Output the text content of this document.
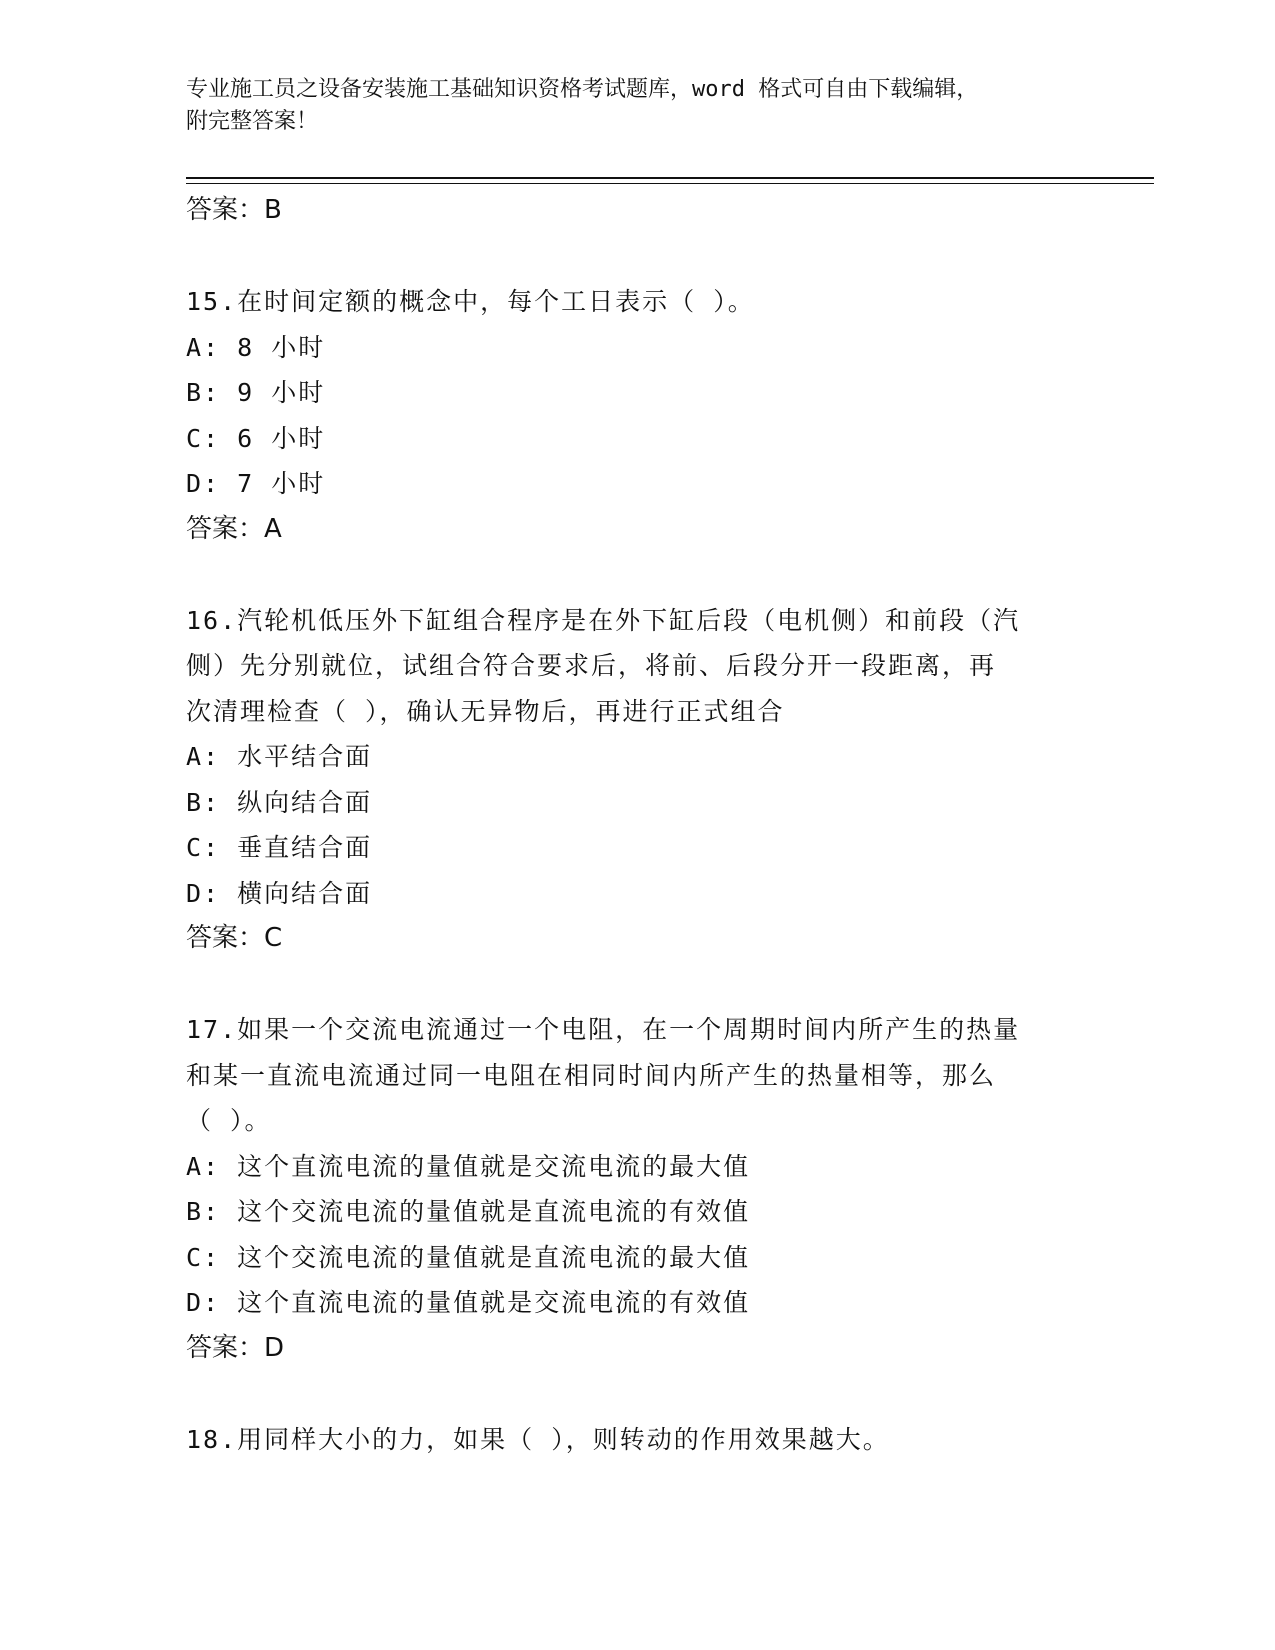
专业施工员之设备安装施工基础知识资格考试题库，word 格式可自由下载编辑，
附完整答案！
答案：B
15.在时间定额的概念中，每个工日表示（ ）。
A: 8 小时
B: 9 小时
C: 6 小时
D: 7 小时
答案：A
16.汽轮机低压外下缸组合程序是在外下缸后段（电机侧）和前段（汽
侧）先分别就位，试组合符合要求后，将前、后段分开一段距离，再
次清理检查（ ），确认无异物后，再进行正式组合
A: 水平结合面
B: 纵向结合面
C: 垂直结合面
D: 横向结合面
答案：C
17.如果一个交流电流通过一个电阻，在一个周期时间内所产生的热量
和某一直流电流通过同一电阻在相同时间内所产生的热量相等，那么
（ ）。
A: 这个直流电流的量值就是交流电流的最大值
B: 这个交流电流的量值就是直流电流的有效值
C: 这个交流电流的量值就是直流电流的最大值
D: 这个直流电流的量值就是交流电流的有效值
答案：D
18.用同样大小的力，如果（ ），则转动的作用效果越大。
